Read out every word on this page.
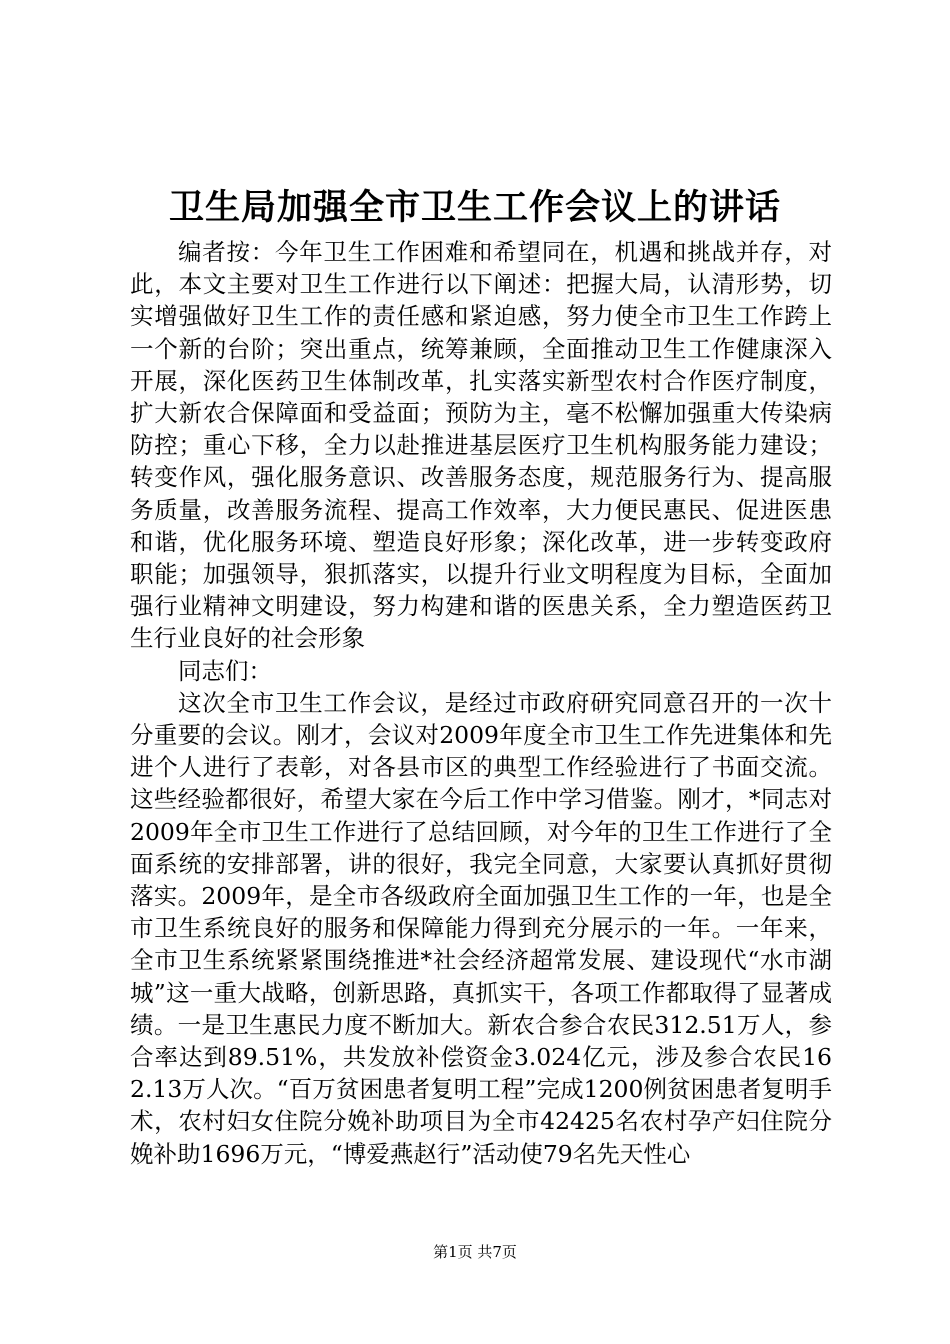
卫生局加强全市卫生工作会议上的讲话

编者按：今年卫生工作困难和希望同在，机遇和挑战并存，对此，本文主要对卫生工作进行以下阐述：把握大局，认清形势，切实增强做好卫生工作的责任感和紧迫感，努力使全市卫生工作跨上一个新的台阶；突出重点，统筹兼顾，全面推动卫生工作健康深入开展，深化医药卫生体制改革，扎实落实新型农村合作医疗制度，扩大新农合保障面和受益面；预防为主，毫不松懈加强重大传染病防控；重心下移，全力以赴推进基层医疗卫生机构服务能力建设；转变作风，强化服务意识、改善服务态度，规范服务行为、提高服务质量，改善服务流程、提高工作效率，大力便民惠民、促进医患和谐，优化服务环境、塑造良好形象；深化改革，进一步转变政府职能；加强领导，狠抓落实，以提升行业文明程度为目标，全面加强行业精神文明建设，努力构建和谐的医患关系，全力塑造医药卫生行业良好的社会形象

同志们：

这次全市卫生工作会议，是经过市政府研究同意召开的一次十分重要的会议。刚才，会议对2009年度全市卫生工作先进集体和先进个人进行了表彰，对各县市区的典型工作经验进行了书面交流。这些经验都很好，希望大家在今后工作中学习借鉴。刚才，*同志对2009年全市卫生工作进行了总结回顾，对今年的卫生工作进行了全面系统的安排部署，讲的很好，我完全同意，大家要认真抓好贯彻落实。2009年，是全市各级政府全面加强卫生工作的一年，也是全市卫生系统良好的服务和保障能力得到充分展示的一年。一年来，全市卫生系统紧紧围绕推进*社会经济超常发展、建设现代“水市湖城”这一重大战略，创新思路，真抓实干，各项工作都取得了显著成绩。一是卫生惠民力度不断加大。新农合参合农民312.51万人，参合率达到89.51%，共发放补偿资金3.024亿元，涉及参合农民162.13万人次。“百万贫困患者复明工程”完成1200例贫困患者复明手术，农村妇女住院分娩补助项目为全市42425名农村孕产妇住院分娩补助1696万元，“博爱燕赵行”活动使79名先天性心

第1页 共7页
